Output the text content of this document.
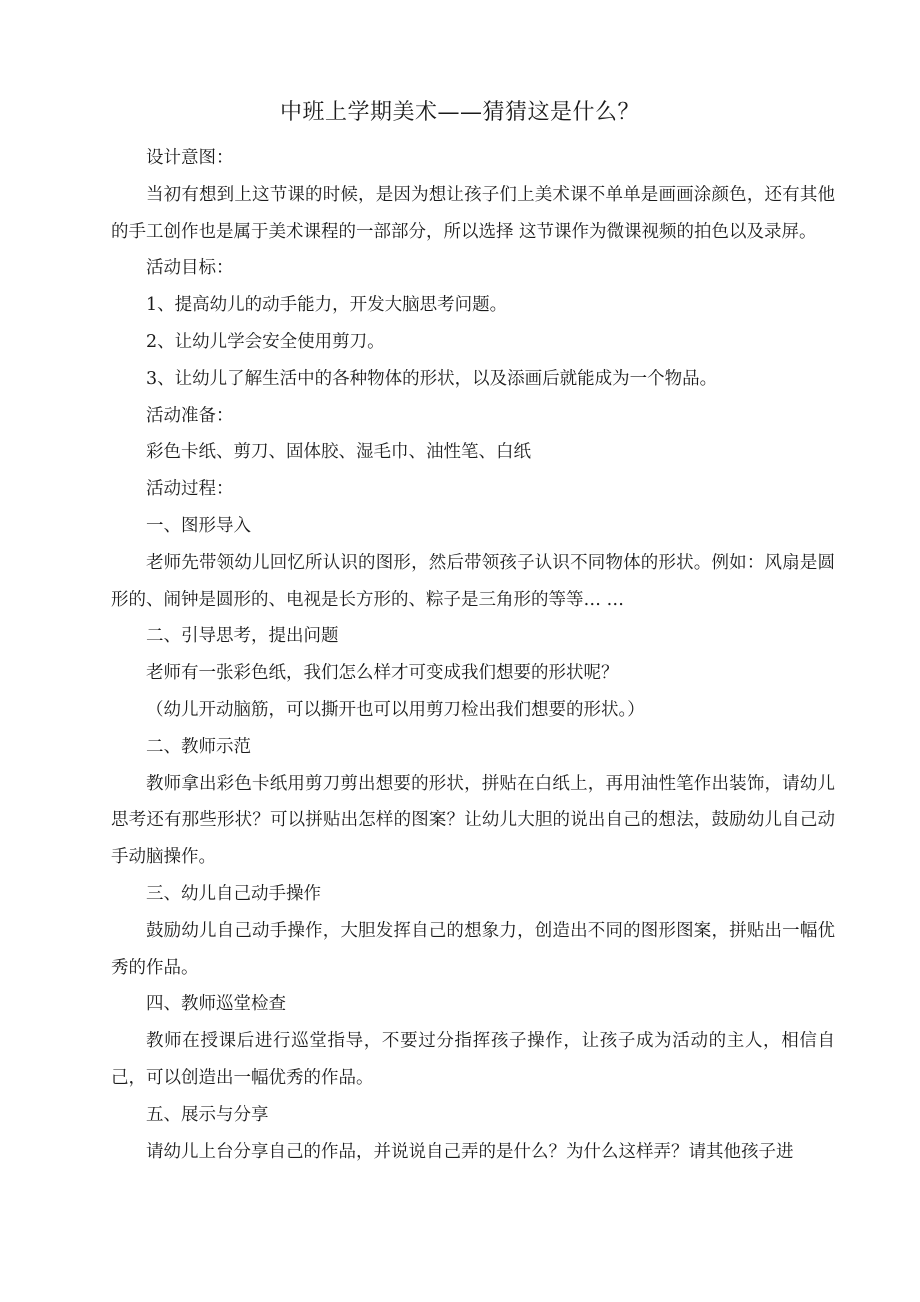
中班上学期美术——猜猜这是什么？

设计意图：

当初有想到上这节课的时候，是因为想让孩子们上美术课不单单是画画涂颜色，还有其他的手工创作也是属于美术课程的一部部分，所以选择 这节课作为微课视频的拍色以及录屏。

活动目标：

1、提高幼儿的动手能力，开发大脑思考问题。

2、让幼儿学会安全使用剪刀。

3、让幼儿了解生活中的各种物体的形状，以及添画后就能成为一个物品。

活动准备：

彩色卡纸、剪刀、固体胶、湿毛巾、油性笔、白纸

活动过程：

一、图形导入

老师先带领幼儿回忆所认识的图形，然后带领孩子认识不同物体的形状。例如：风扇是圆形的、闹钟是圆形的、电视是长方形的、粽子是三角形的等等… …

二、引导思考，提出问题

老师有一张彩色纸，我们怎么样才可变成我们想要的形状呢？

（幼儿开动脑筋，可以撕开也可以用剪刀检出我们想要的形状。）

二、教师示范

教师拿出彩色卡纸用剪刀剪出想要的形状，拼贴在白纸上，再用油性笔作出装饰，请幼儿思考还有那些形状？可以拼贴出怎样的图案？让幼儿大胆的说出自己的想法，鼓励幼儿自己动手动脑操作。

三、幼儿自己动手操作

鼓励幼儿自己动手操作，大胆发挥自己的想象力，创造出不同的图形图案，拼贴出一幅优秀的作品。

四、教师巡堂检查

教师在授课后进行巡堂指导，不要过分指挥孩子操作，让孩子成为活动的主人，相信自己，可以创造出一幅优秀的作品。

五、展示与分享

请幼儿上台分享自己的作品，并说说自己弄的是什么？为什么这样弄？请其他孩子进
